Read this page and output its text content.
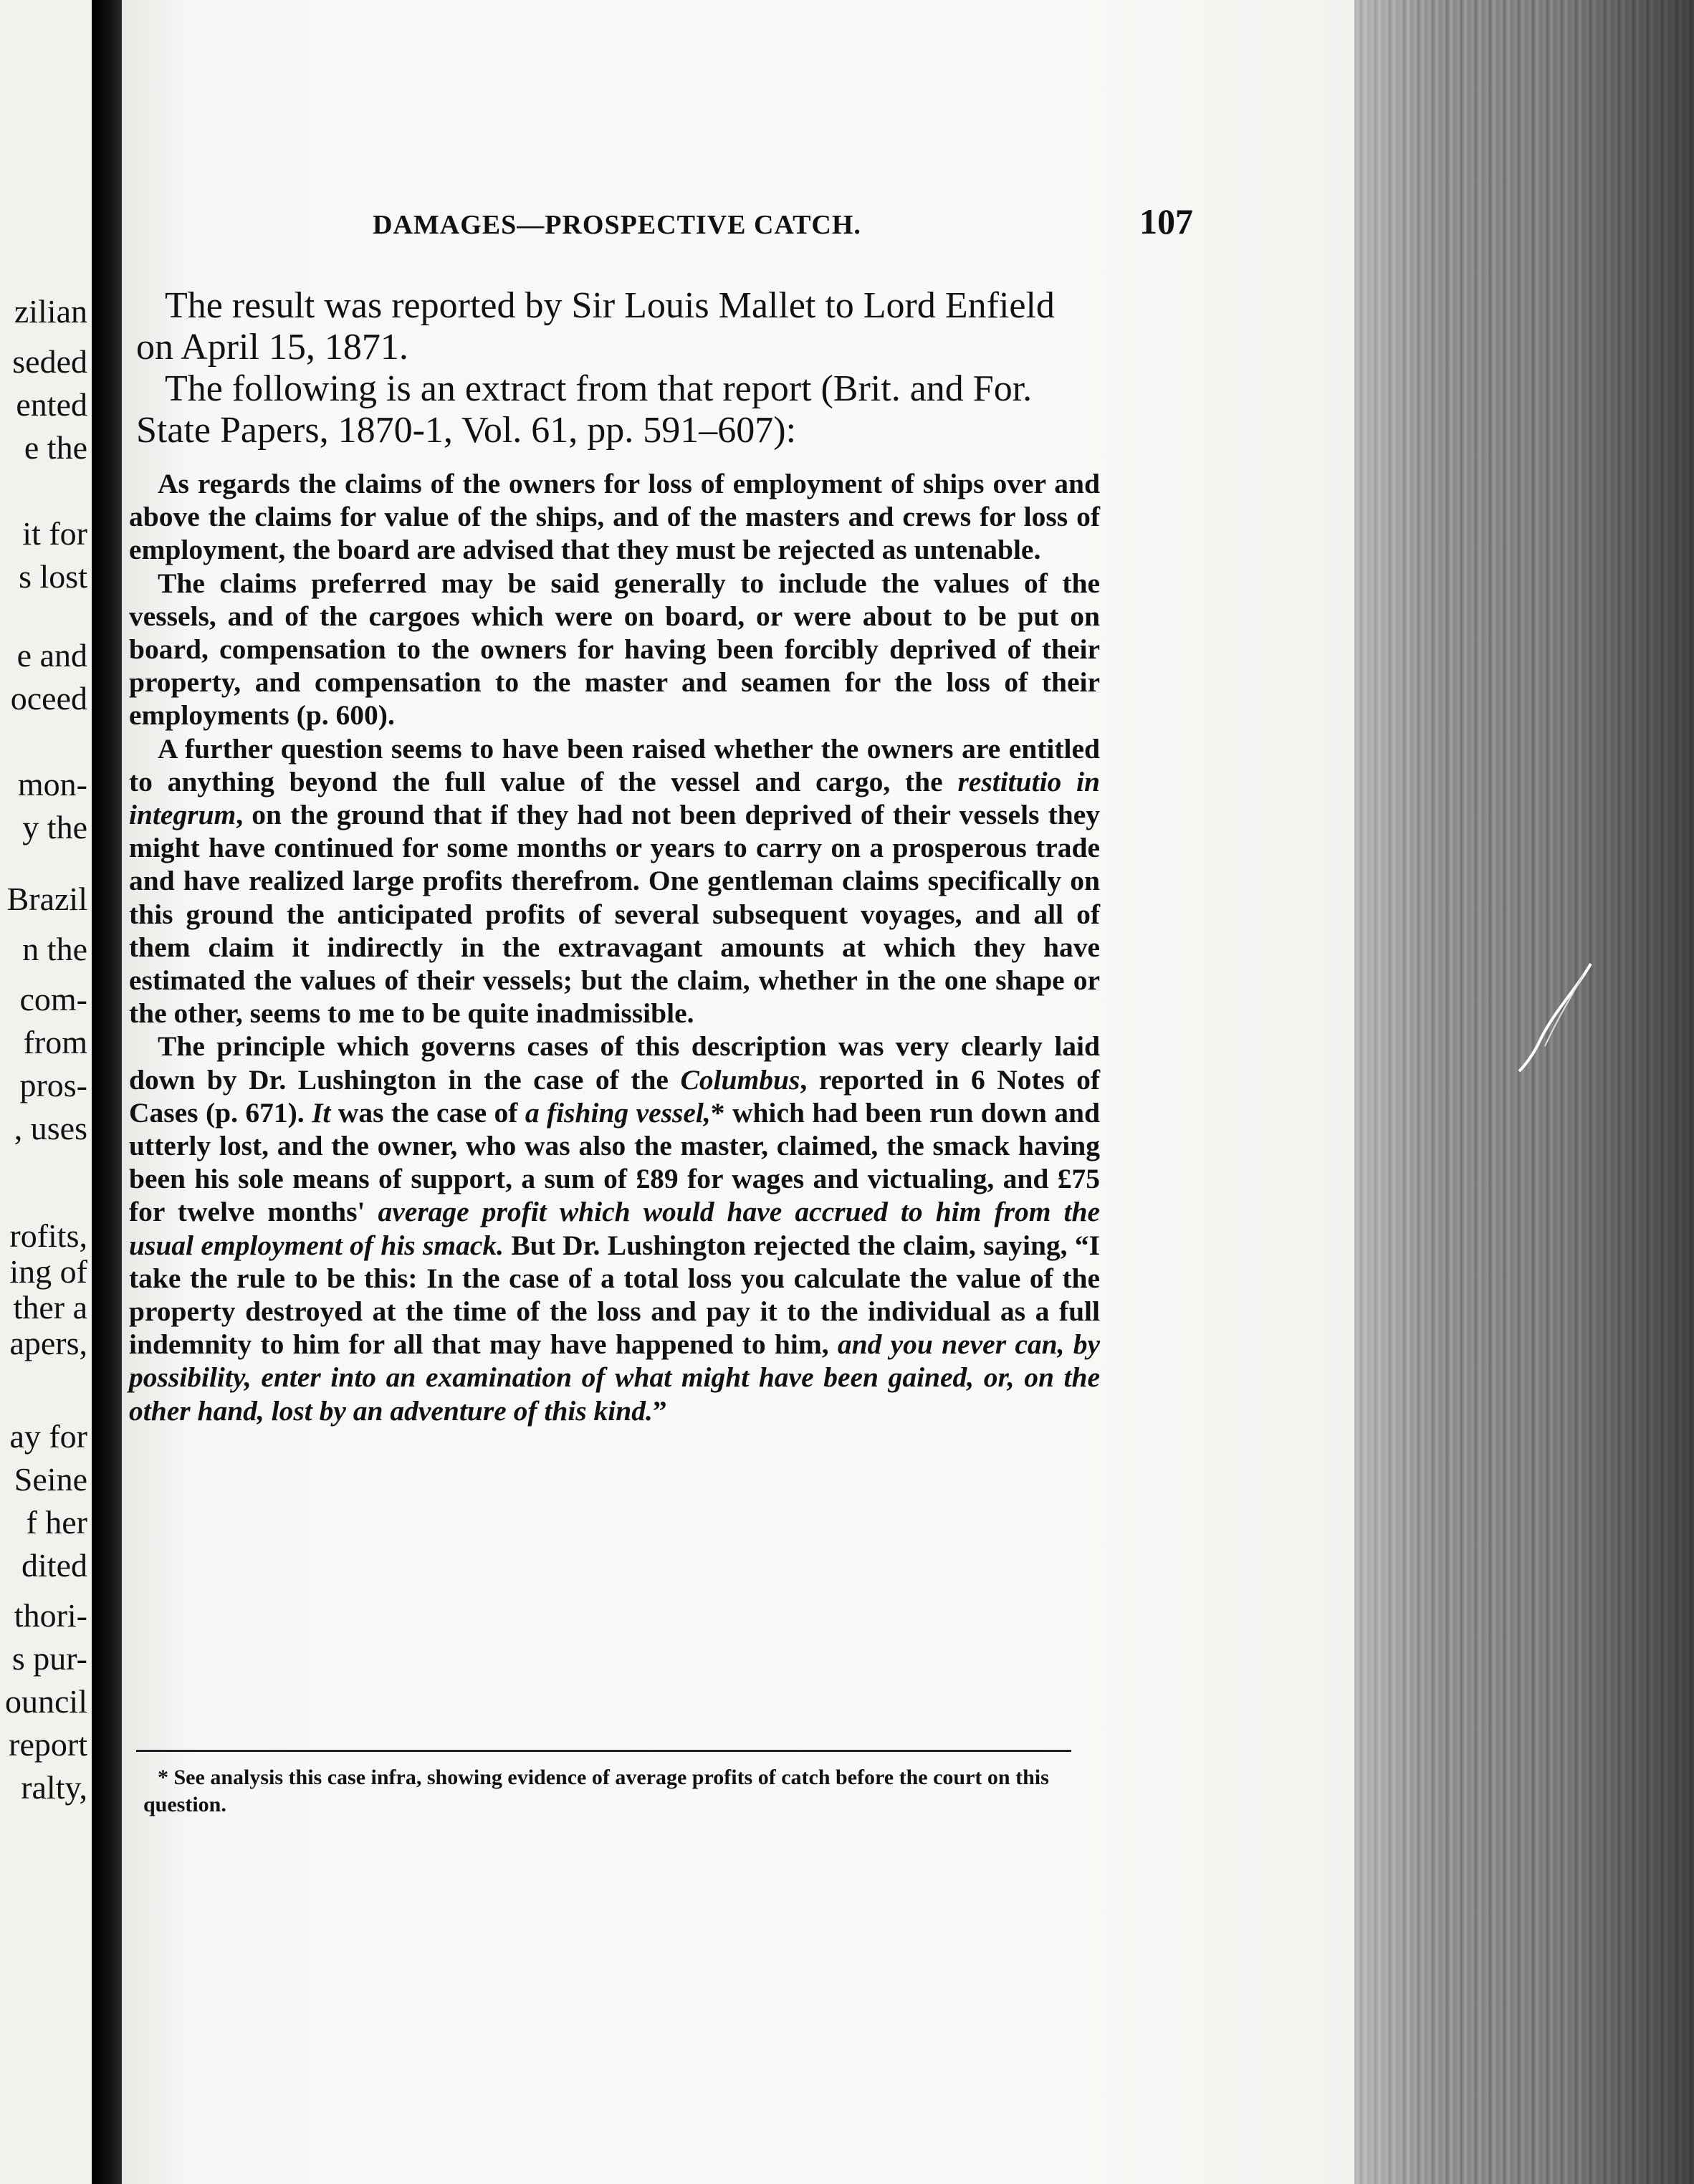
zilian
seded
ented
e the
it for
s lost
e and
oceed
mon-
y the
Brazil
n the
com-
from
pros-
, uses
rofits,
ing of
ther a
apers,
ay for
Seine
f her
dited
thori-
s pur-
ouncil
report
ralty,
DAMAGES—PROSPECTIVE CATCH.	107

The result was reported by Sir Louis Mallet to Lord Enfield on April 15, 1871.

The following is an extract from that report (Brit. and For. State Papers, 1870-1, Vol. 61, pp. 591–607):

As regards the claims of the owners for loss of employment of ships over and above the claims for value of the ships, and of the masters and crews for loss of employment, the board are advised that they must be rejected as untenable.

The claims preferred may be said generally to include the values of the vessels, and of the cargoes which were on board, or were about to be put on board, compensation to the owners for having been forcibly deprived of their property, and compensation to the master and seamen for the loss of their employments (p. 600).

A further question seems to have been raised whether the owners are entitled to anything beyond the full value of the vessel and cargo, the restitutio in integrum, on the ground that if they had not been deprived of their vessels they might have continued for some months or years to carry on a prosperous trade and have realized large profits therefrom. One gentleman claims specifically on this ground the anticipated profits of several subsequent voyages, and all of them claim it indirectly in the extravagant amounts at which they have estimated the values of their vessels; but the claim, whether in the one shape or the other, seems to me to be quite inadmissible.

The principle which governs cases of this description was very clearly laid down by Dr. Lushington in the case of the Columbus, reported in 6 Notes of Cases (p. 671). It was the case of a fishing vessel,* which had been run down and utterly lost, and the owner, who was also the master, claimed, the smack having been his sole means of support, a sum of £89 for wages and victualing, and £75 for twelve months' average profit which would have accrued to him from the usual employment of his smack. But Dr. Lushington rejected the claim, saying, “I take the rule to be this: In the case of a total loss you calculate the value of the property destroyed at the time of the loss and pay it to the individual as a full indemnity to him for all that may have happened to him, and you never can, by possibility, enter into an examination of what might have been gained, or, on the other hand, lost by an adventure of this kind.”

* See analysis this case infra, showing evidence of average profits of catch before the court on this question.
